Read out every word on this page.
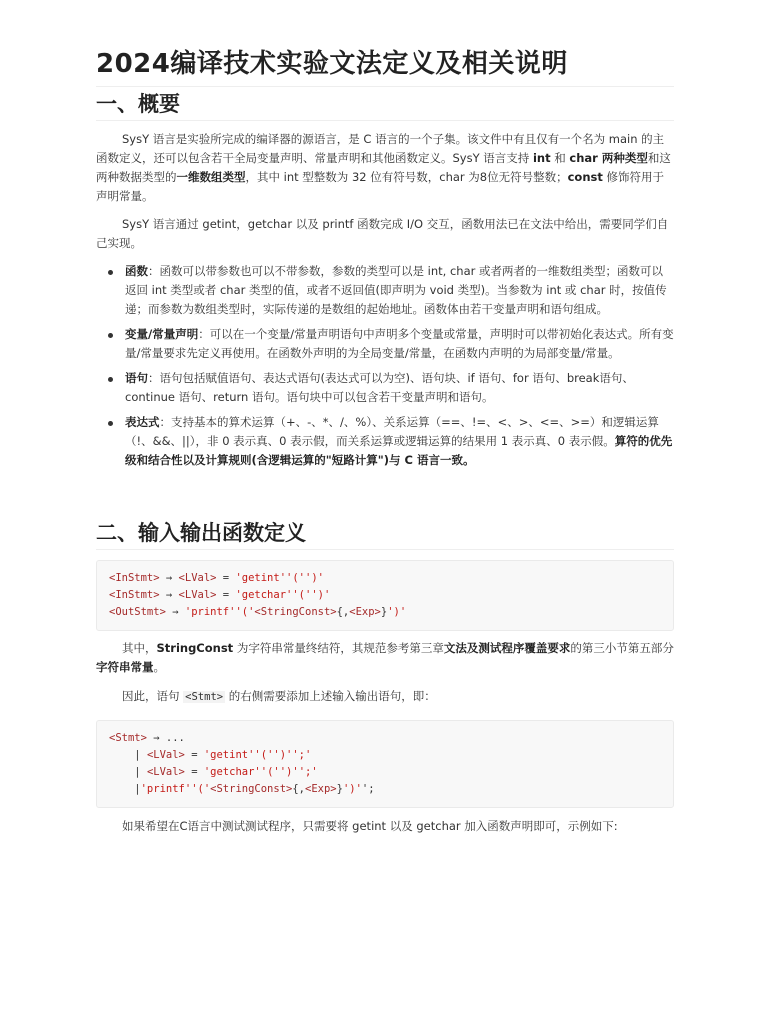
2024编译技术实验文法定义及相关说明
一、概要

SysY 语言是实验所完成的编译器的源语言，是 C 语言的一个子集。该文件中有且仅有一个名为 main 的主函数定义，还可以包含若干全局变量声明、常量声明和其他函数定义。SysY 语言支持 int 和 char 两种类型和这两种数据类型的一维数组类型，其中 int 型整数为 32 位有符号数，char 为8位无符号整数；const 修饰符用于声明常量。

SysY 语言通过 getint，getchar 以及 printf 函数完成 I/O 交互，函数用法已在文法中给出，需要同学们自己实现。

函数：函数可以带参数也可以不带参数，参数的类型可以是 int, char 或者两者的一维数组类型；函数可以返回 int 类型或者 char 类型的值，或者不返回值(即声明为 void 类型)。当参数为 int 或 char 时，按值传递；而参数为数组类型时，实际传递的是数组的起始地址。函数体由若干变量声明和语句组成。
变量/常量声明：可以在一个变量/常量声明语句中声明多个变量或常量，声明时可以带初始化表达式。所有变量/常量要求先定义再使用。在函数外声明的为全局变量/常量，在函数内声明的为局部变量/常量。
语句：语句包括赋值语句、表达式语句(表达式可以为空)、语句块、if 语句、for 语句、break语句、continue 语句、return 语句。语句块中可以包含若干变量声明和语句。
表达式：支持基本的算术运算（+、-、*、/、%）、关系运算（==、!=、<、>、<=、>=）和逻辑运算（!、&&、||），非 0 表示真、0 表示假，而关系运算或逻辑运算的结果用 1 表示真、0 表示假。算符的优先级和结合性以及计算规则(含逻辑运算的"短路计算")与 C 语言一致。
二、输入输出函数定义
<InStmt> → <LVal> = 'getint''('')'
<InStmt> → <LVal> = 'getchar''('')'
<OutStmt> → 'printf''('<StringConst>{,<Exp>}')'

其中，StringConst 为字符串常量终结符，其规范参考第三章文法及测试程序覆盖要求的第三小节第五部分字符串常量。

因此，语句 <Stmt> 的右侧需要添加上述输入输出语句，即：

<Stmt> → ...
| <LVal> = 'getint''('')'';'
| <LVal> = 'getchar''('')'';'
|'printf''('<StringConst>{,<Exp>}')'';

如果希望在C语言中测试测试程序，只需要将 getint 以及 getchar 加入函数声明即可，示例如下:
